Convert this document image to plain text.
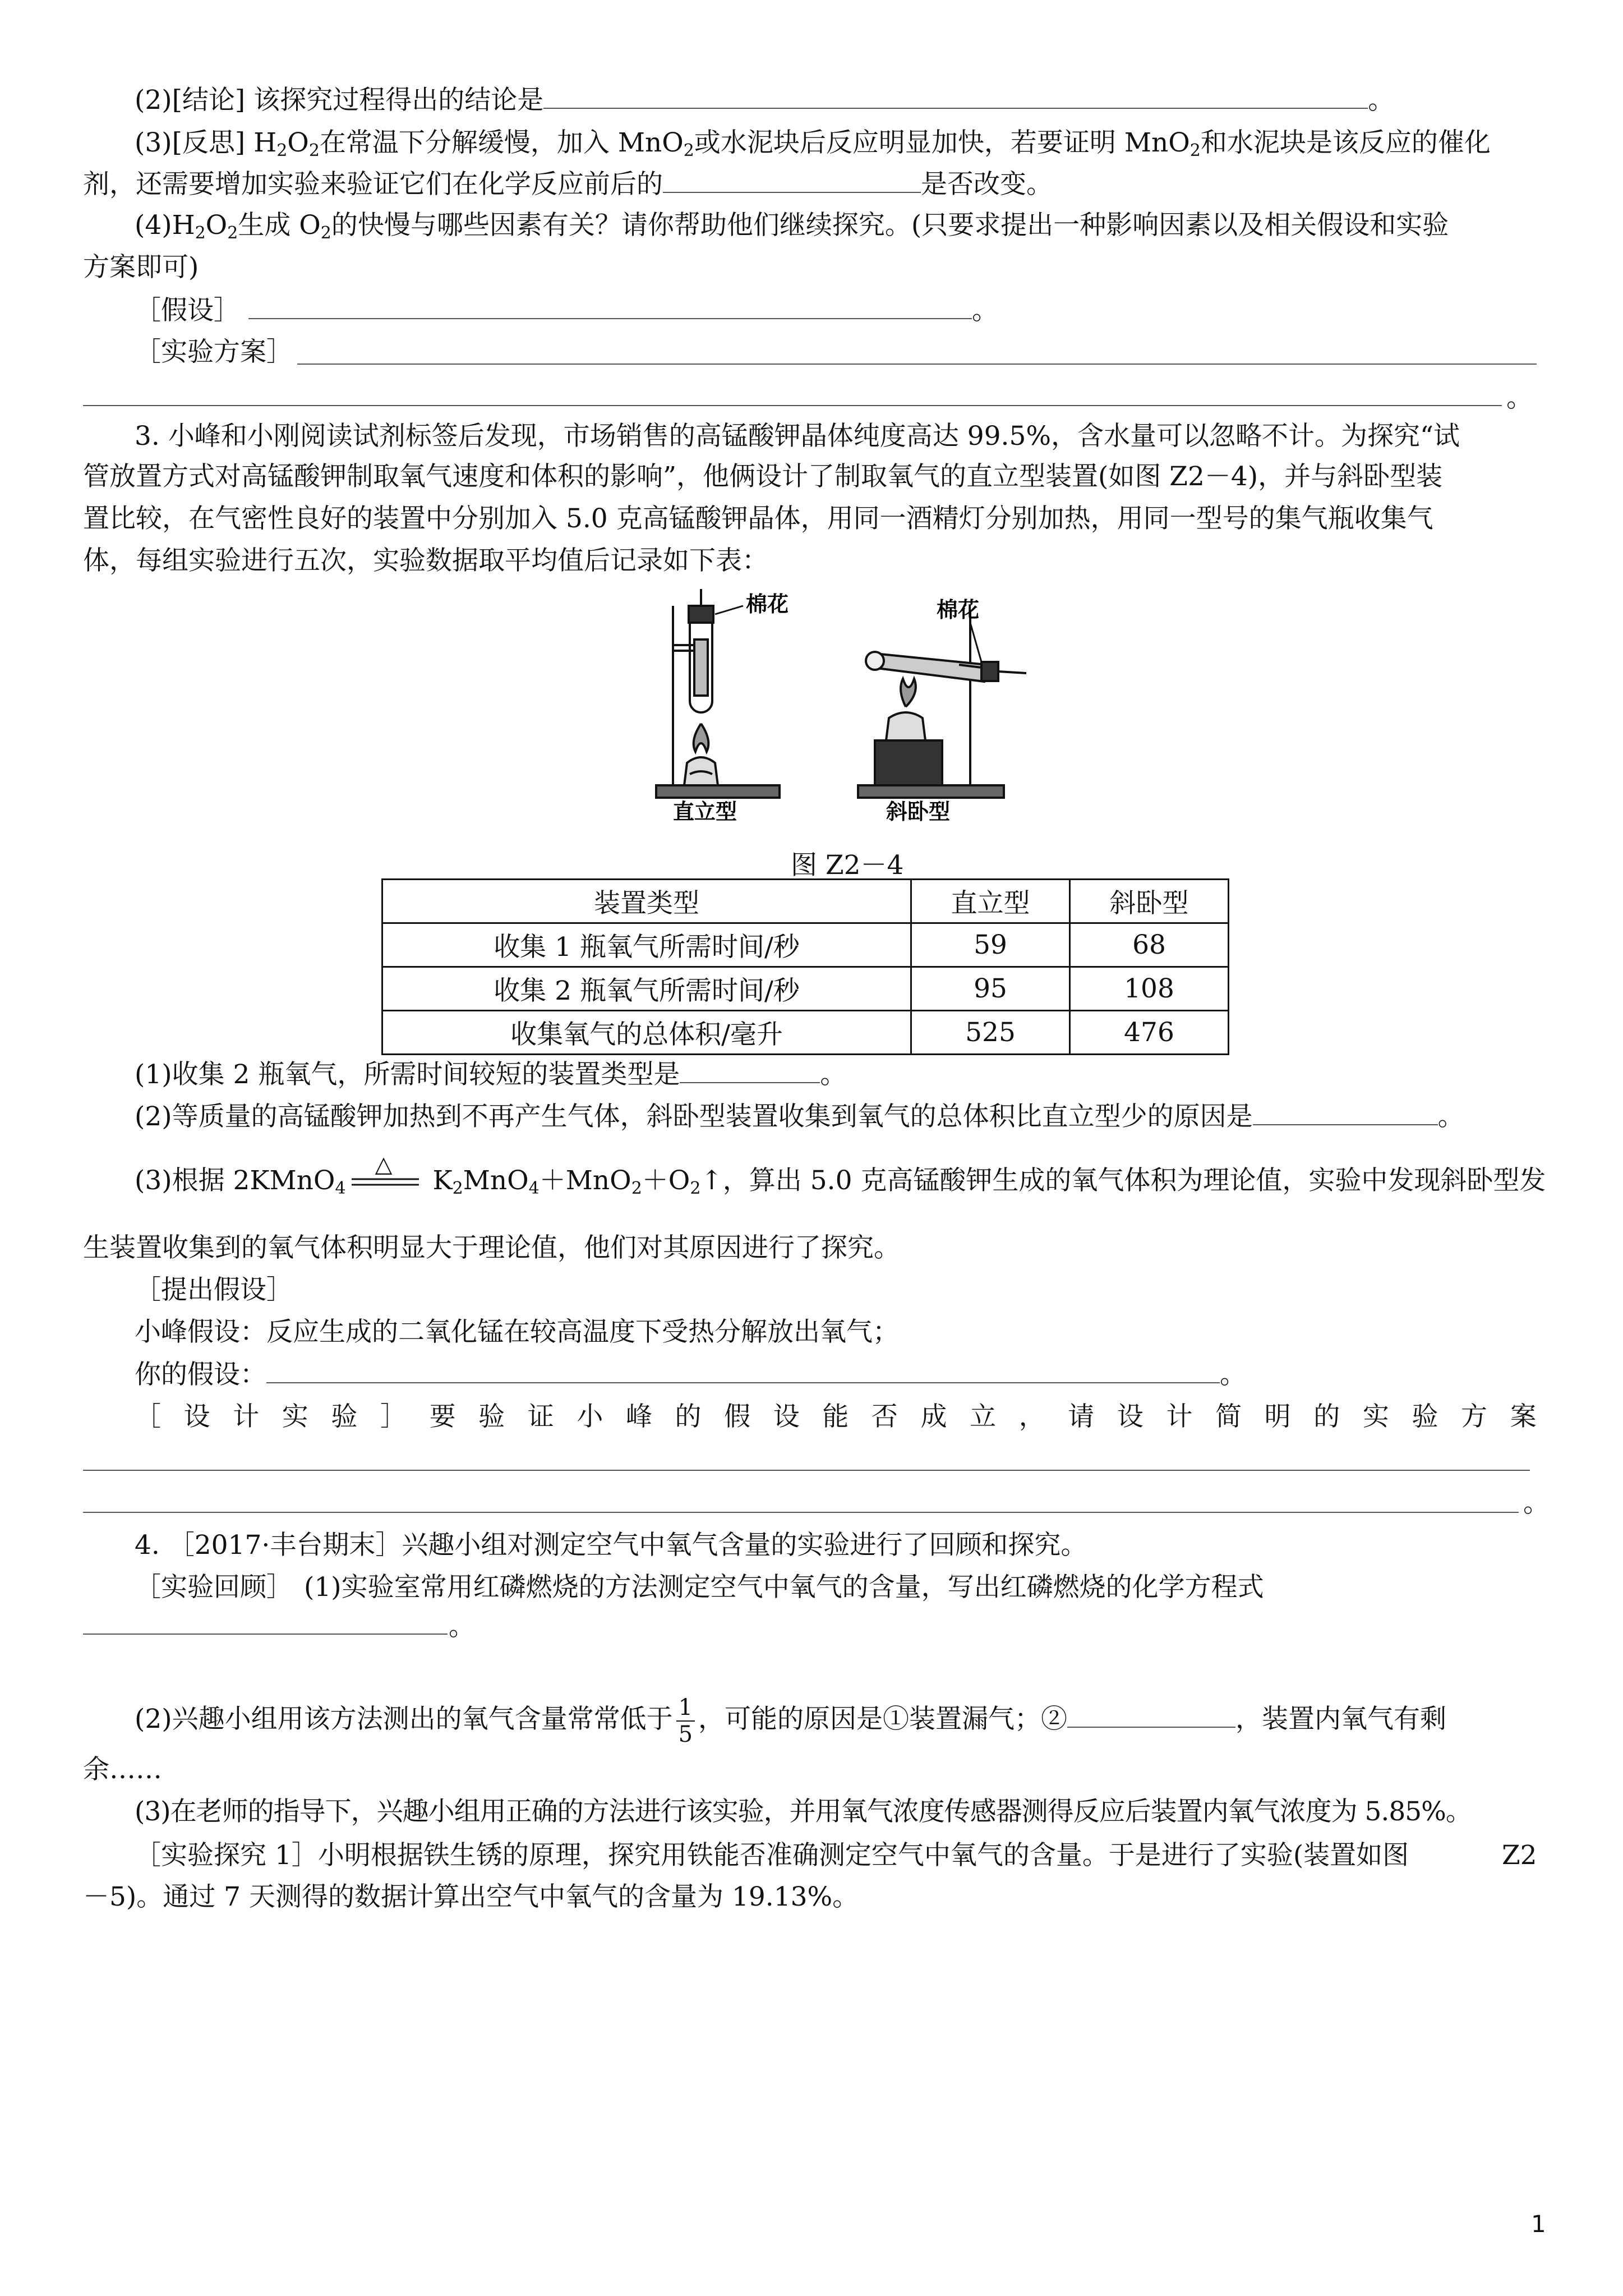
(2)[结论] 该探究过程得出的结论是	。
(3)[反思] $H_2O_2$在常温下分解缓慢，加入 MnO$_2$或水泥块后反应明显加快，若要证明 MnO$_2$和水泥块是该反应的催化
剂，还需要增加实验来验证它们在化学反应前后的	是否改变。
$(4)H_2O_2$生成 $O_2$的快慢与哪些因素有关？请你帮助他们继续探究。(只要求提出一种影响因素以及相关假设和实验
方案即可)
［假设］	。
［实验方案］
。
3. 小峰和小刚阅读试剂标签后发现，市场销售的高锰酸钾晶体纯度高达 99.5%，含水量可以忽略不计。为探究“试
管放置方式对高锰酸钾制取氧气速度和体积的影响”，他俩设计了制取氧气的直立型装置(如图 Z2－4)，并与斜卧型装
置比较，在气密性良好的装置中分别加入 5.0 克高锰酸钾晶体，用同一酒精灯分别加热，用同一型号的集气瓶收集气
体，每组实验进行五次，实验数据取平均值后记录如下表：
直立型	斜卧型
棉花	棉花
图 Z2－4
装置类型	直立型	斜卧型
收集 1 瓶氧气所需时间/秒	59	68
收集 2 瓶氧气所需时间/秒	95	108
收集氧气的总体积/毫升	525	476
(1)收集 2 瓶氧气，所需时间较短的装置类型是	。
(2)等质量的高锰酸钾加热到不再产生气体，斜卧型装置收集到氧气的总体积比直立型少的原因是	。
(3)根据 2KMnO$_4$
△
$K_2MnO_4+MnO_2+O_2↑$，算出 5.0 克高锰酸钾生成的氧气体积为理论值，实验中发现斜卧型发
生装置收集到的氧气体积明显大于理论值，他们对其原因进行了探究。
［提出假设］
小峰假设：反应生成的二氧化锰在较高温度下受热分解放出氧气；
你的假设：	。
［ 设 计 实 验 ］ 要 验 证 小 峰 的 假 设 能 否 成 立 ， 请 设 计 简 明 的 实 验 方 案
。
4. ［2017·丰台期末］兴趣小组对测定空气中氧气含量的实验进行了回顾和探究。
［实验回顾］ (1)实验室常用红磷燃烧的方法测定空气中氧气的含量，写出红磷燃烧的化学方程式
。
(2)兴趣小组用该方法测出的氧气含量常常低于 $\frac{1}{5}$ ，可能的原因是①装置漏气；②	，装置内氧气有剩
余……
(3)在老师的指导下，兴趣小组用正确的方法进行该实验，并用氧气浓度传感器测得反应后装置内氧气浓度为 5.85%。
［实验探究 1］小明根据铁生锈的原理，探究用铁能否准确测定空气中氧气的含量。于是进行了实验(装置如图	Z2
－5)。通过 7 天测得的数据计算出空气中氧气的含量为 19.13%。
1
